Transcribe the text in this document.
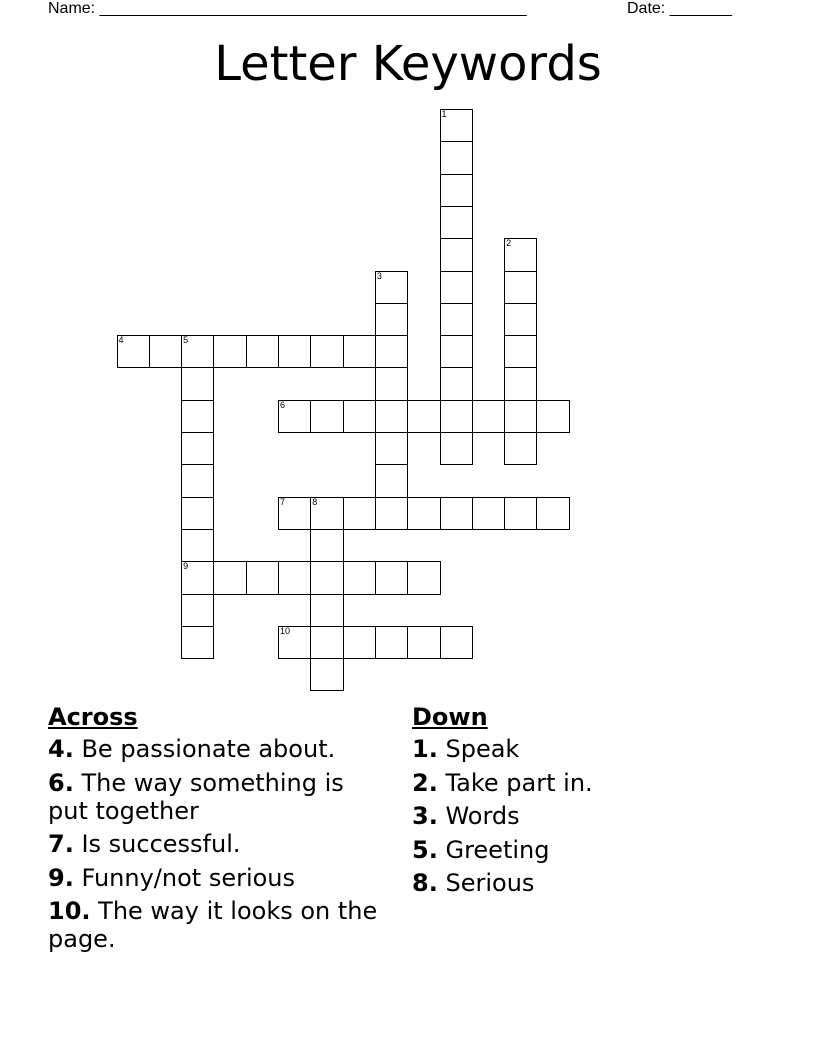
Name: ________________________________________________	Date: _______
Letter Keywords
1
2
3
4	5
9
6
7	8
10
Across
4. Be passionate about.
6. The way something is put together
7. Is successful.
9. Funny/not serious
10. The way it looks on the page.
Down
1. Speak
2. Take part in.
3. Words
5. Greeting
8. Serious
